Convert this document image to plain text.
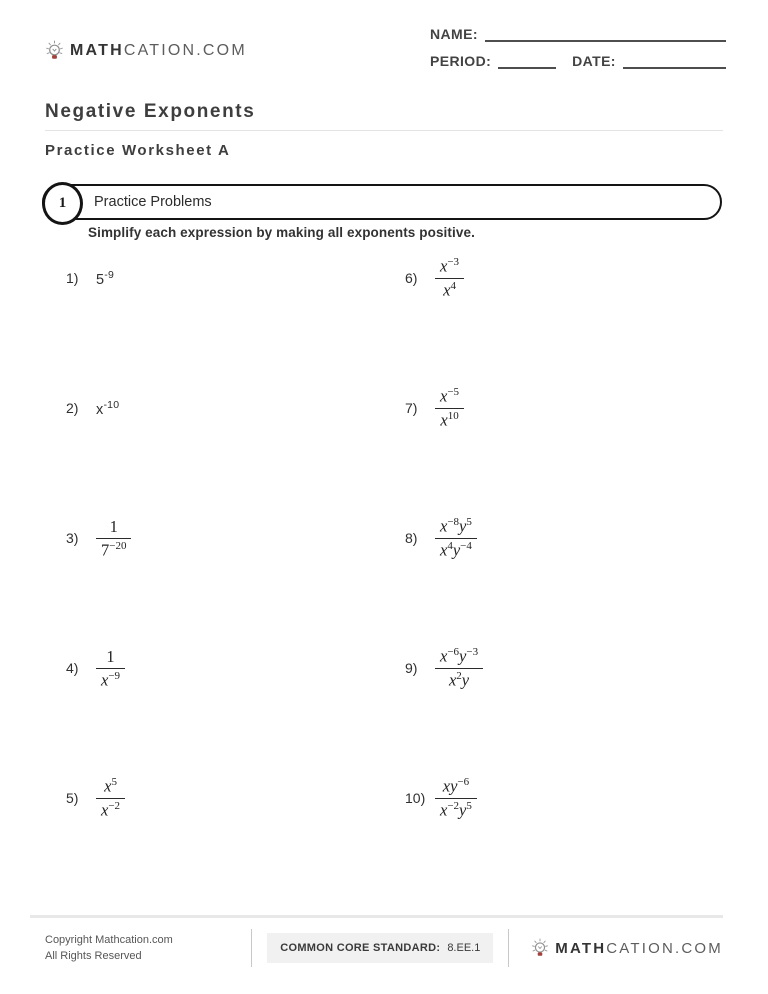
MATHCATION.COM
NAME:
PERIOD:	DATE:
Negative Exponents
Practice Worksheet A
1	Practice Problems
Simplify each expression by making all exponents positive.
1)	$5^{-9}$
2)	$x^{-10}$
3)	$\frac{1}{7^{-20}}$
4)	$\frac{1}{x^{-9}}$
5)	$\frac{x^5}{x^{-2}}$
6)	$\frac{x^{-3}}{x^4}$
7)	$\frac{x^{-5}}{x^{10}}$
8)	$\frac{x^{-8}y^5}{x^4y^{-4}}$
9)	$\frac{x^{-6}y^{-3}}{x^2y}$
$10) \frac{xy^{-6}}{x^{-2}y^5}$
Copyright Mathcation.com
All Rights Reserved
COMMON CORE STANDARD: 8.EE.1	MATHCATION.COM
